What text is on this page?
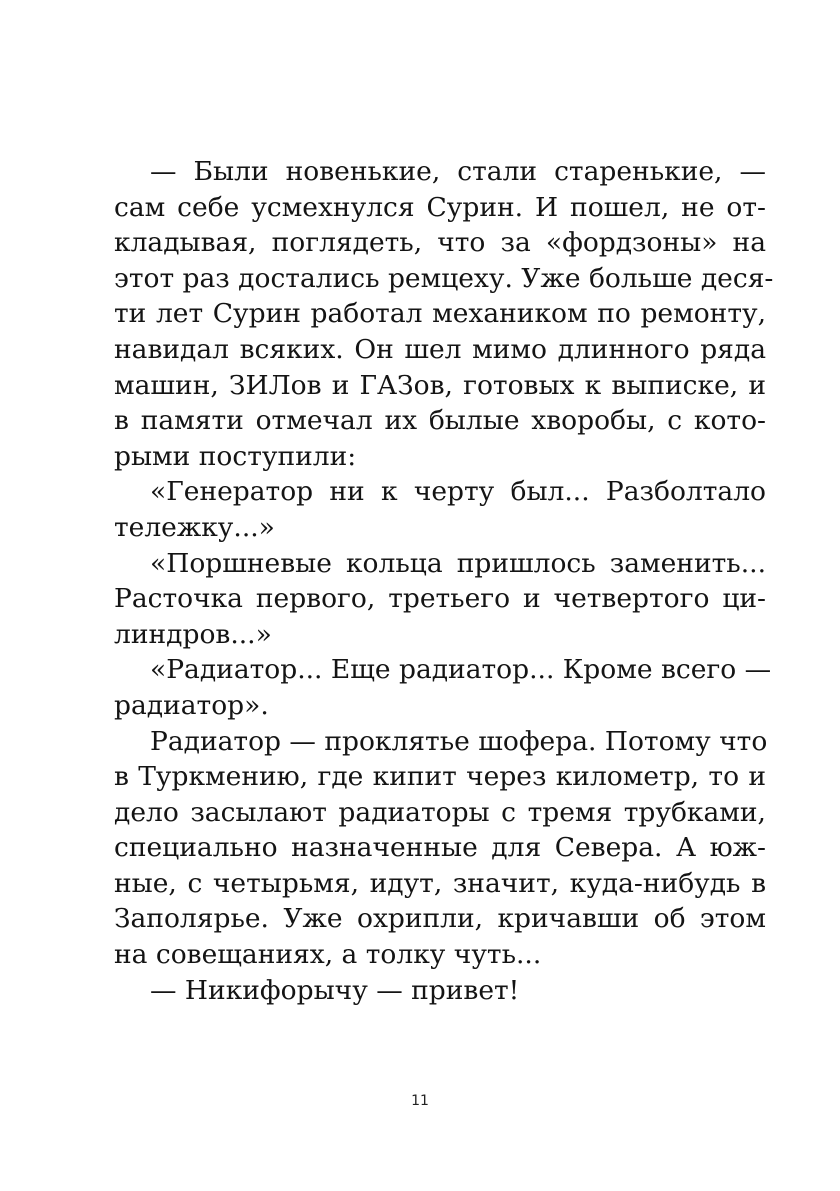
— Были новенькие, стали старенькие, —
сам себе усмехнулся Сурин. И пошел, не от-
кладывая, поглядеть, что за «фордзоны» на
этот раз достались ремцеху. Уже больше деся-
ти лет Сурин работал механиком по ремонту,
навидал всяких. Он шел мимо длинного ряда
машин, ЗИЛов и ГАЗов, готовых к выписке, и
в памяти отмечал их былые хворобы, с кото-
рыми поступили:
«Генератор ни к черту был... Разболтало
тележку...»
«Поршневые кольца пришлось заменить...
Расточка первого, третьего и четвертого ци-
линдров...»
«Радиатор... Еще радиатор... Кроме всего —
радиатор».
Радиатор — проклятье шофера. Потому что
в Туркмению, где кипит через километр, то и
дело засылают радиаторы с тремя трубками,
специально назначенные для Севера. А юж-
ные, с четырьмя, идут, значит, куда-нибудь в
Заполярье. Уже охрипли, кричавши об этом
на совещаниях, а толку чуть...
— Никифорычу — привет!
11
